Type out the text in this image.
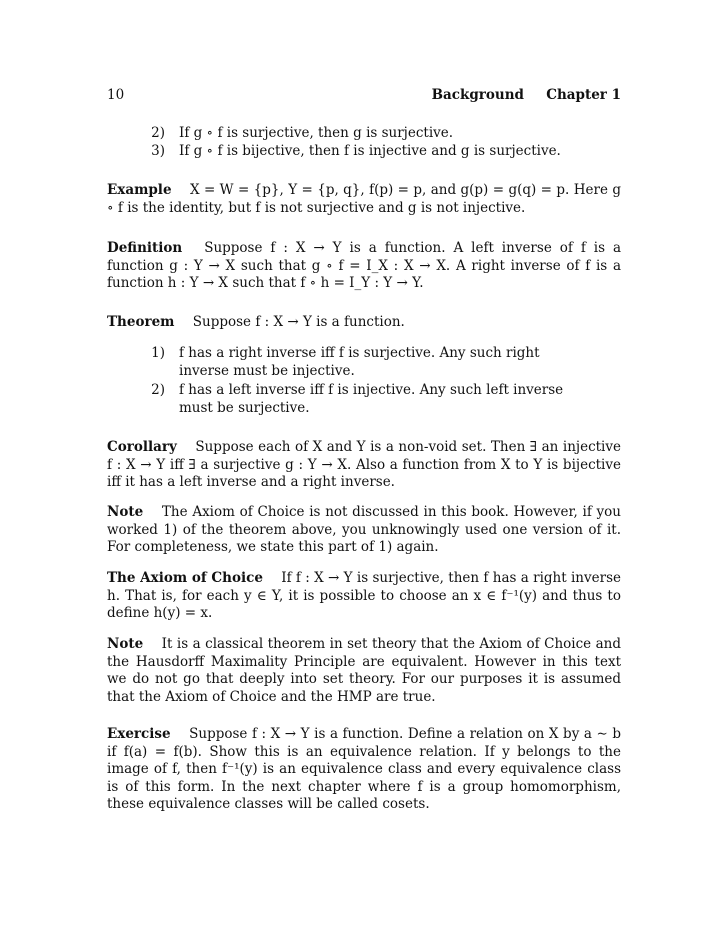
10	Background Chapter 1
2)	If g ∘ f is surjective, then g is surjective.
3)	If g ∘ f is bijective, then f is injective and g is surjective.
Example X = W = {p}, Y = {p, q}, f(p) = p, and g(p) = g(q) = p. Here g ∘ f is the identity, but f is not surjective and g is not injective.
Definition Suppose f : X → Y is a function. A left inverse of f is a function g : Y → X such that g ∘ f = I_X : X → X. A right inverse of f is a function h : Y → X such that f ∘ h = I_Y : Y → Y.
Theorem Suppose f : X → Y is a function.
1)	f has a right inverse iff f is surjective. Any such right inverse must be injective.
2)	f has a left inverse iff f is injective. Any such left inverse must be surjective.
Corollary Suppose each of X and Y is a non-void set. Then ∃ an injective f : X → Y iff ∃ a surjective g : Y → X. Also a function from X to Y is bijective iff it has a left inverse and a right inverse.
Note The Axiom of Choice is not discussed in this book. However, if you worked 1) of the theorem above, you unknowingly used one version of it. For completeness, we state this part of 1) again.
The Axiom of Choice If f : X → Y is surjective, then f has a right inverse h. That is, for each y ∈ Y, it is possible to choose an x ∈ f⁻¹(y) and thus to define h(y) = x.
Note It is a classical theorem in set theory that the Axiom of Choice and the Hausdorff Maximality Principle are equivalent. However in this text we do not go that deeply into set theory. For our purposes it is assumed that the Axiom of Choice and the HMP are true.
Exercise Suppose f : X → Y is a function. Define a relation on X by a ∼ b if f(a) = f(b). Show this is an equivalence relation. If y belongs to the image of f, then f⁻¹(y) is an equivalence class and every equivalence class is of this form. In the next chapter where f is a group homomorphism, these equivalence classes will be called cosets.
